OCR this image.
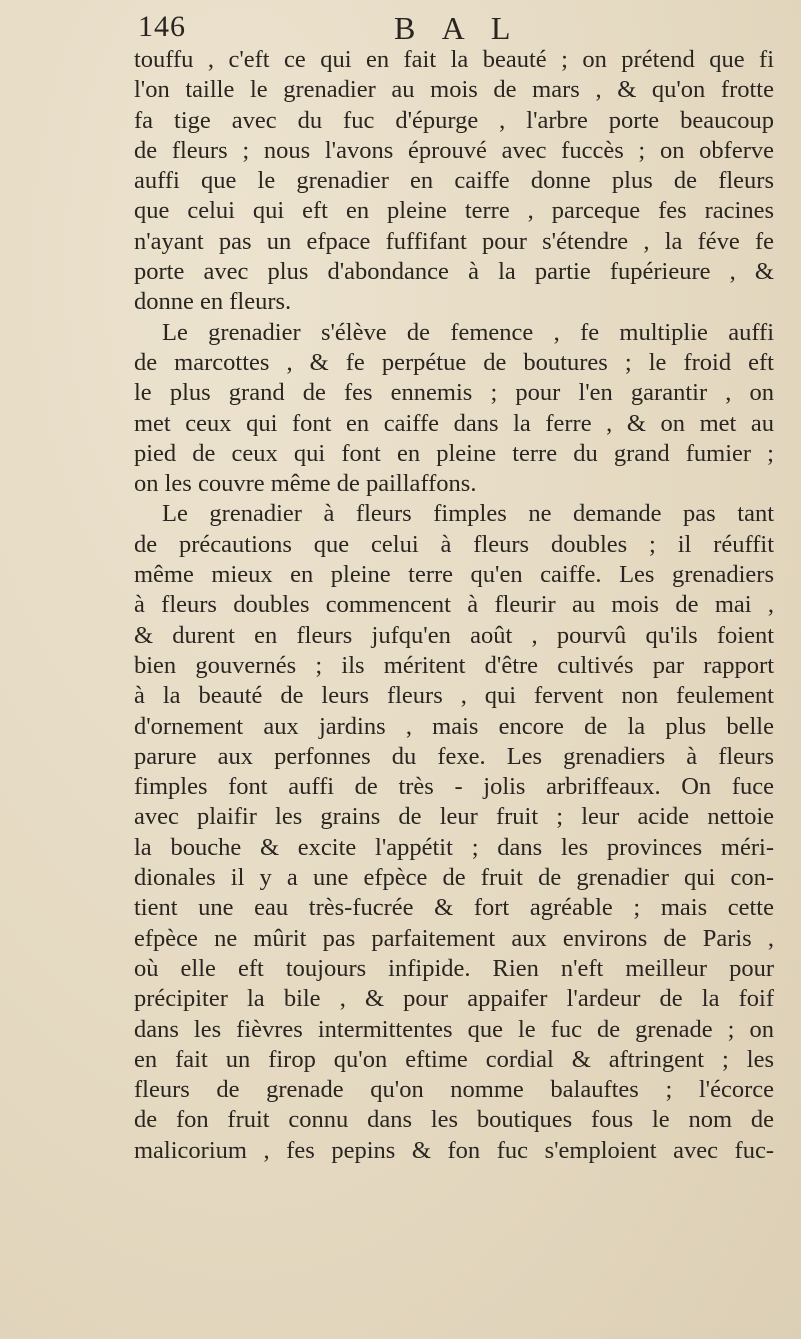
146	B A L
touffu , c'eft ce qui en fait la beauté ; on prétend que fi
l'on taille le grenadier au mois de mars , & qu'on frotte
fa tige avec du fuc d'épurge , l'arbre porte beaucoup
de fleurs ; nous l'avons éprouvé avec fuccès ; on obferve
auffi que le grenadier en caiffe donne plus de fleurs
que celui qui eft en pleine terre , parceque fes racines
n'ayant pas un efpace fuffifant pour s'étendre , la féve fe
porte avec plus d'abondance à la partie fupérieure , &
donne en fleurs.
Le grenadier s'élève de femence , fe multiplie auffi
de marcottes , & fe perpétue de boutures ; le froid eft
le plus grand de fes ennemis ; pour l'en garantir , on
met ceux qui font en caiffe dans la ferre , & on met au
pied de ceux qui font en pleine terre du grand fumier ;
on les couvre même de paillaffons.
Le grenadier à fleurs fimples ne demande pas tant
de précautions que celui à fleurs doubles ; il réuffit
même mieux en pleine terre qu'en caiffe. Les grenadiers
à fleurs doubles commencent à fleurir au mois de mai ,
& durent en fleurs jufqu'en août , pourvû qu'ils foient
bien gouvernés ; ils méritent d'être cultivés par rapport
à la beauté de leurs fleurs , qui fervent non feulement
d'ornement aux jardins , mais encore de la plus belle
parure aux perfonnes du fexe. Les grenadiers à fleurs
fimples font auffi de très - jolis arbriffeaux. On fuce
avec plaifir les grains de leur fruit ; leur acide nettoie
la bouche & excite l'appétit ; dans les provinces méri-
dionales il y a une efpèce de fruit de grenadier qui con-
tient une eau très-fucrée & fort agréable ; mais cette
efpèce ne mûrit pas parfaitement aux environs de Paris ,
où elle eft toujours infipide. Rien n'eft meilleur pour
précipiter la bile , & pour appaifer l'ardeur de la foif
dans les fièvres intermittentes que le fuc de grenade ; on
en fait un firop qu'on eftime cordial & aftringent ; les
fleurs de grenade qu'on nomme balauftes ; l'écorce
de fon fruit connu dans les boutiques fous le nom de
malicorium , fes pepins & fon fuc s'emploient avec fuc-
